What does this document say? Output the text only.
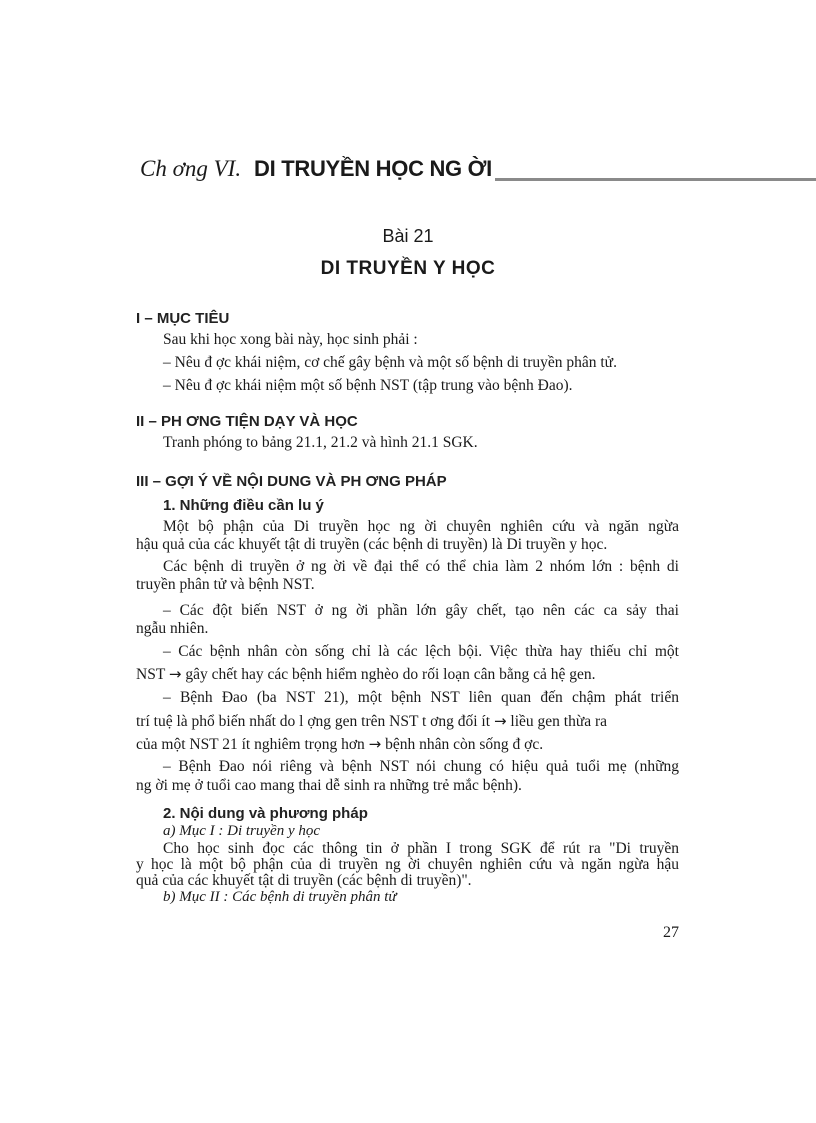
Ch ơng VI. DI TRUYỀN HỌC NG ỜI
Bài 21
DI TRUYỀN Y HỌC
I – MỤC TIÊU
Sau khi học xong bài này, học sinh phải :
– Nêu đ ợc khái niệm, cơ chế gây bệnh và một số bệnh di truyền phân tử.
– Nêu đ ợc khái niệm một số bệnh NST (tập trung vào bệnh Đao).
II – PH ƠNG TIỆN DẠY VÀ HỌC
Tranh phóng to bảng 21.1, 21.2 và hình 21.1 SGK.
III – GỢI Ý VỀ NỘI DUNG VÀ PH ƠNG PHÁP
1. Những điều cần lu ý
Một bộ phận của Di truyền học ng ời chuyên nghiên cứu và ngăn ngừa
hậu quả của các khuyết tật di truyền (các bệnh di truyền) là Di truyền y học.
Các bệnh di truyền ở ng ời về đại thể có thể chia làm 2 nhóm lớn : bệnh di
truyền phân tử và bệnh NST.
– Các đột biến NST ở ng ời phần lớn gây chết, tạo nên các ca sảy thai
ngẫu nhiên.
– Các bệnh nhân còn sống chỉ là các lệch bội. Việc thừa hay thiếu chỉ một
NST → gây chết hay các bệnh hiểm nghèo do rối loạn cân bằng cả hệ gen.
– Bệnh Đao (ba NST 21), một bệnh NST liên quan đến chậm phát triển
trí tuệ là phổ biến nhất do l ợng gen trên NST t ơng đối ít → liều gen thừa ra
của một NST 21 ít nghiêm trọng hơn → bệnh nhân còn sống đ ợc.
– Bệnh Đao nói riêng và bệnh NST nói chung có hiệu quả tuổi mẹ (những
ng ời mẹ ở tuổi cao mang thai dễ sinh ra những trẻ mắc bệnh).
2. Nội dung và phương pháp
a) Mục I : Di truyền y học
Cho học sinh đọc các thông tin ở phần I trong SGK để rút ra "Di truyền
y học là một bộ phận của di truyền ng ời chuyên nghiên cứu và ngăn ngừa hậu
quả của các khuyết tật di truyền (các bệnh di truyền)".
b) Mục II : Các bệnh di truyền phân tử
27
